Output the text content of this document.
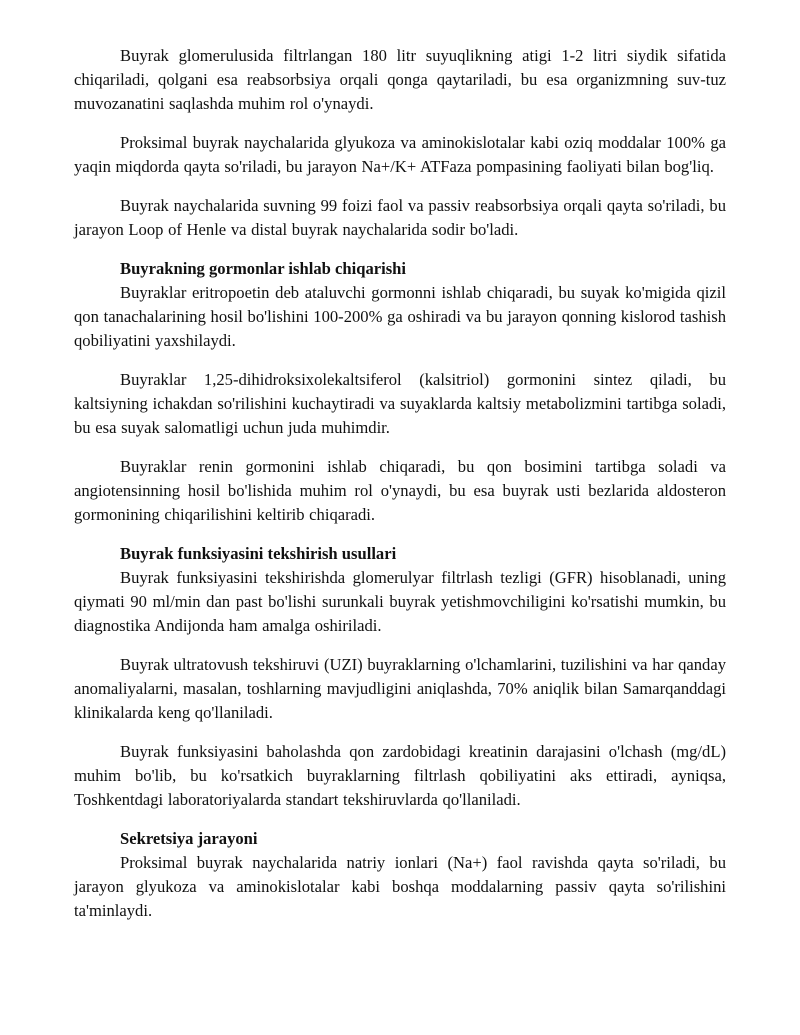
Buyrak glomerulusida filtrlangan 180 litr suyuqlikning atigi 1-2 litri siydik sifatida chiqariladi, qolgani esa reabsorbsiya orqali qonga qaytariladi, bu esa organizmning suv-tuz muvozanatini saqlashda muhim rol o'ynaydi.

Proksimal buyrak naychalarida glyukoza va aminokislotalar kabi oziq moddalar 100% ga yaqin miqdorda qayta so'riladi, bu jarayon Na+/K+ ATFaza pompasining faoliyati bilan bog'liq.

Buyrak naychalarida suvning 99 foizi faol va passiv reabsorbsiya orqali qayta so'riladi, bu jarayon Loop of Henle va distal buyrak naychalarida sodir bo'ladi.

Buyrakning gormonlar ishlab chiqarishi

Buyraklar eritropoetin deb ataluvchi gormonni ishlab chiqaradi, bu suyak ko'migida qizil qon tanachalarining hosil bo'lishini 100-200% ga oshiradi va bu jarayon qonning kislorod tashish qobiliyatini yaxshilaydi.

Buyraklar 1,25-dihidroksixolekaltsiferol (kalsitriol) gormonini sintez qiladi, bu kaltsiyning ichakdan so'rilishini kuchaytiradi va suyaklarda kaltsiy metabolizmini tartibga soladi, bu esa suyak salomatligi uchun juda muhimdir.

Buyraklar renin gormonini ishlab chiqaradi, bu qon bosimini tartibga soladi va angiotensinning hosil bo'lishida muhim rol o'ynaydi, bu esa buyrak usti bezlarida aldosteron gormonining chiqarilishini keltirib chiqaradi.

Buyrak funksiyasini tekshirish usullari

Buyrak funksiyasini tekshirishda glomerulyar filtrlash tezligi (GFR) hisoblanadi, uning qiymati 90 ml/min dan past bo'lishi surunkali buyrak yetishmovchiligini ko'rsatishi mumkin, bu diagnostika Andijonda ham amalga oshiriladi.

Buyrak ultratovush tekshiruvi (UZI) buyraklarning o'lchamlarini, tuzilishini va har qanday anomaliyalarni, masalan, toshlarning mavjudligini aniqlashda, 70% aniqlik bilan Samarqanddagi klinikalarda keng qo'llaniladi.

Buyrak funksiyasini baholashda qon zardobidagi kreatinin darajasini o'lchash (mg/dL) muhim bo'lib, bu ko'rsatkich buyraklarning filtrlash qobiliyatini aks ettiradi, ayniqsa, Toshkentdagi laboratoriyalarda standart tekshiruvlarda qo'llaniladi.

Sekretsiya jarayoni

Proksimal buyrak naychalarida natriy ionlari (Na+) faol ravishda qayta so'riladi, bu jarayon glyukoza va aminokislotalar kabi boshqa moddalarning passiv qayta so'rilishini ta'minlaydi.
